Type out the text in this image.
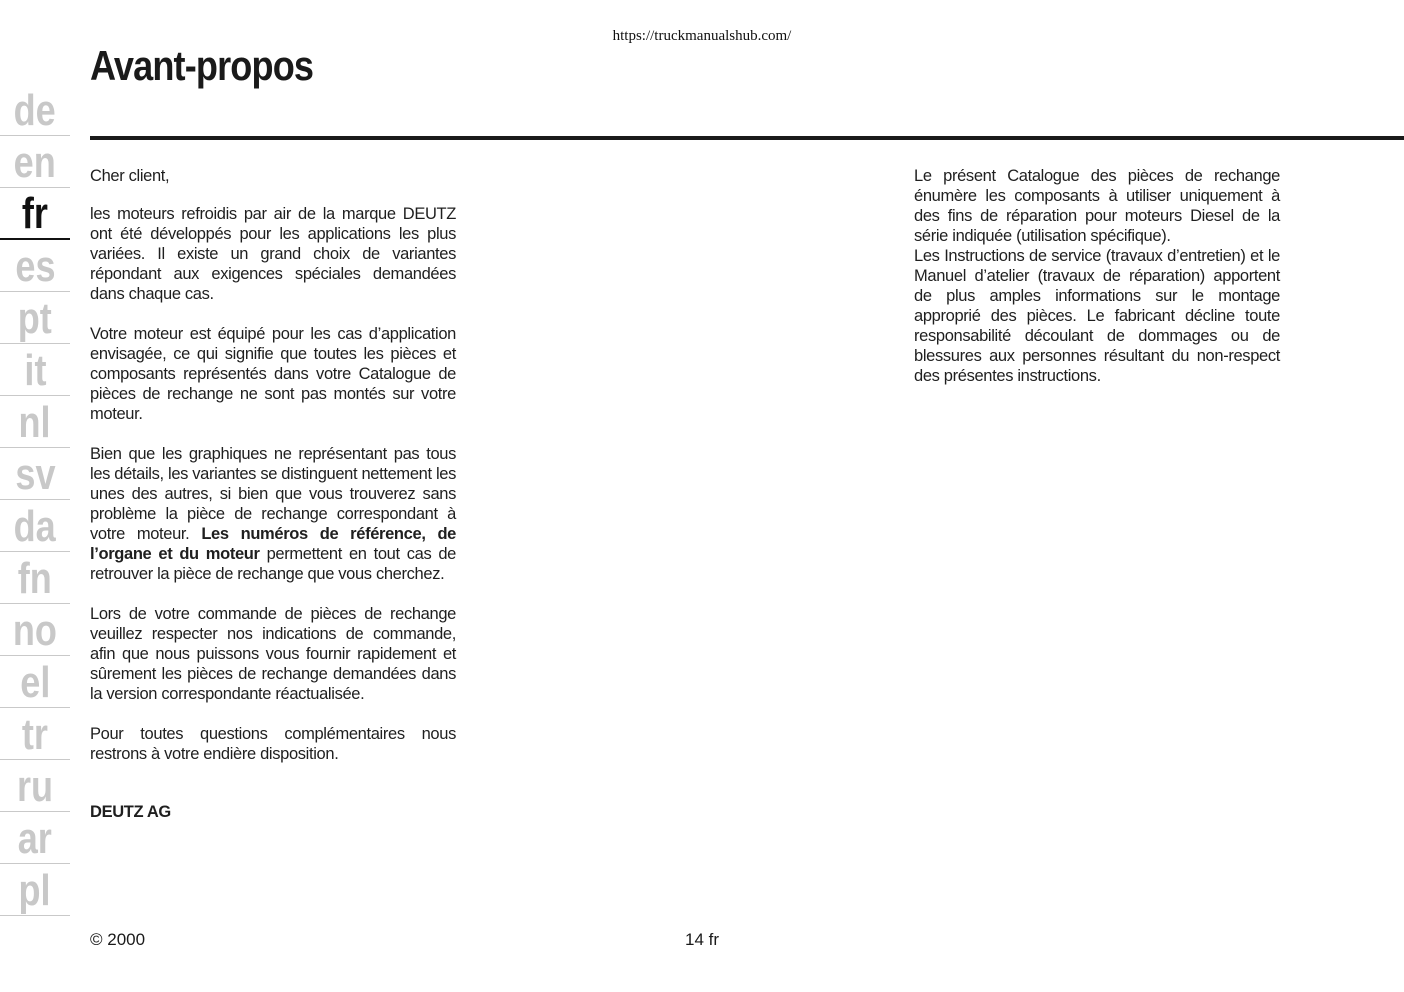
https://truckmanualshub.com/
Avant-propos
de
en
fr
es
pt
it
nl
sv
da
fn
no
el
tr
ru
ar
pl

Cher client,

les moteurs refroidis par air de la marque DEUTZ ont été développés pour les applications les plus variées. Il existe un grand choix de variantes répondant aux exigences spéciales demandées dans chaque cas.

Votre moteur est équipé pour les cas d’application envisagée, ce qui signifie que toutes les pièces et composants représentés dans votre Catalogue de pièces de rechange ne sont pas montés sur votre moteur.

Bien que les graphiques ne représentant pas tous les détails, les variantes se distinguent nettement les unes des autres, si bien que vous trouverez sans problème la pièce de rechange correspondant à votre moteur. Les numéros de référence, de l’organe et du moteur permettent en tout cas de retrouver la pièce de rechange que vous cherchez.

Lors de votre commande de pièces de rechange veuillez respecter nos indications de commande, afin que nous puissons vous fournir rapidement et sûrement les pièces de rechange demandées dans la version correspondante réactualisée.

Pour toutes questions complémentaires nous restrons à votre endière disposition.

DEUTZ AG

Le présent Catalogue des pièces de rechange énumère les composants à utiliser uniquement à des fins de réparation pour moteurs Diesel de la série indiquée (utilisation spécifique).

Les Instructions de service (travaux d’entretien) et le Manuel d’atelier (travaux de réparation) apportent de plus amples informations sur le montage approprié des pièces. Le fabricant décline toute responsabilité découlant de dommages ou de blessures aux personnes résultant du non-respect des présentes instructions.

© 2000	14 fr
